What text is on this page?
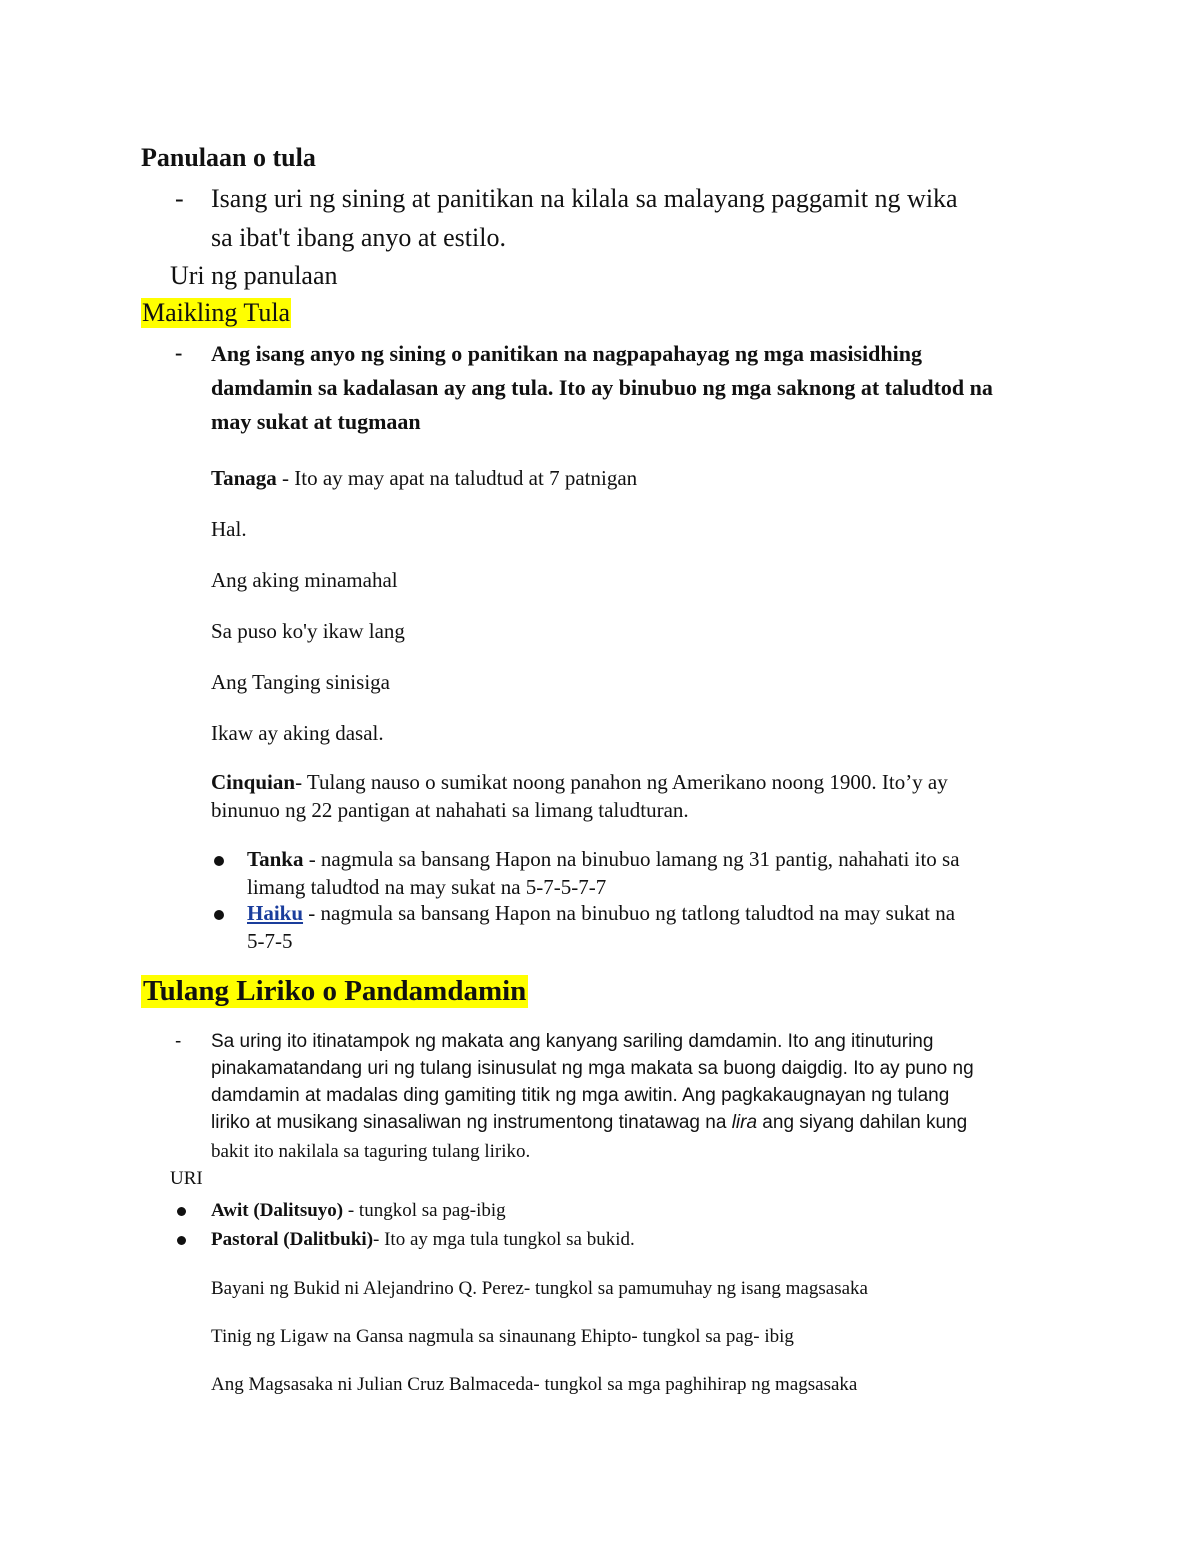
Panulaan o tula
- Isang uri ng sining at panitikan na kilala sa malayang paggamit ng wika
sa ibat't ibang anyo at estilo.
Uri ng panulaan
Maikling Tula
- Ang isang anyo ng sining o panitikan na nagpapahayag ng mga masisidhing
damdamin sa kadalasan ay ang tula. Ito ay binubuo ng mga saknong at taludtod na
may sukat at tugmaan
Tanaga - Ito ay may apat na taludtud at 7 patnigan
Hal.
Ang aking minamahal
Sa puso ko'y ikaw lang
Ang Tanging sinisiga
Ikaw ay aking dasal.
Cinquian- Tulang nauso o sumikat noong panahon ng Amerikano noong 1900. Ito’y ay
binunuo ng 22 pantigan at nahahati sa limang taludturan.
Tanka - nagmula sa bansang Hapon na binubuo lamang ng 31 pantig, nahahati ito sa
limang taludtod na may sukat na 5-7-5-7-7
Haiku - nagmula sa bansang Hapon na binubuo ng tatlong taludtod na may sukat na
5-7-5
Tulang Liriko o Pandamdamin
- Sa uring ito itinatampok ng makata ang kanyang sariling damdamin. Ito ang itinuturing
pinakamatandang uri ng tulang isinusulat ng mga makata sa buong daigdig. Ito ay puno ng
damdamin at madalas ding gamiting titik ng mga awitin. Ang pagkakaugnayan ng tulang
liriko at musikang sinasaliwan ng instrumentong tinatawag na lira ang siyang dahilan kung
bakit ito nakilala sa taguring tulang liriko.
URI
Awit (Dalitsuyo) - tungkol sa pag-ibig
Pastoral (Dalitbuki)- Ito ay mga tula tungkol sa bukid.
Bayani ng Bukid ni Alejandrino Q. Perez- tungkol sa pamumuhay ng isang magsasaka
Tinig ng Ligaw na Gansa nagmula sa sinaunang Ehipto- tungkol sa pag- ibig
Ang Magsasaka ni Julian Cruz Balmaceda- tungkol sa mga paghihirap ng magsasaka
